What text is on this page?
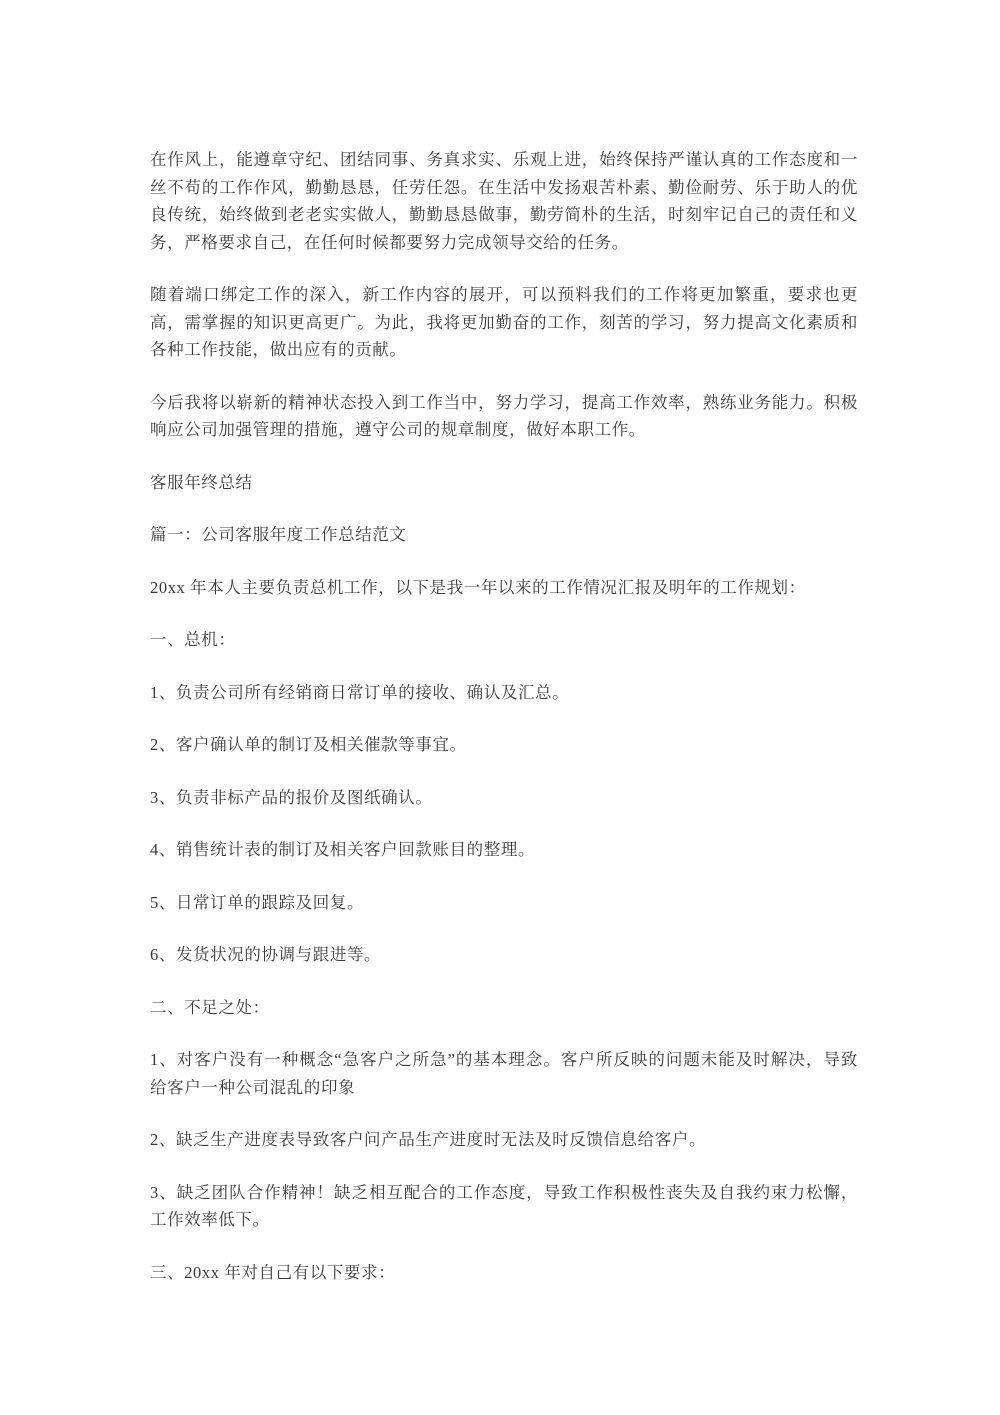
在作风上，能遵章守纪、团结同事、务真求实、乐观上进，始终保持严谨认真的工作态度和一丝不苟的工作作风，勤勤恳恳，任劳任怨。在生活中发扬艰苦朴素、勤俭耐劳、乐于助人的优良传统，始终做到老老实实做人，勤勤恳恳做事，勤劳简朴的生活，时刻牢记自己的责任和义务，严格要求自己，在任何时候都要努力完成领导交给的任务。

随着端口绑定工作的深入，新工作内容的展开，可以预料我们的工作将更加繁重，要求也更高，需掌握的知识更高更广。为此，我将更加勤奋的工作，刻苦的学习，努力提高文化素质和各种工作技能，做出应有的贡献。

今后我将以崭新的精神状态投入到工作当中，努力学习，提高工作效率，熟练业务能力。积极响应公司加强管理的措施，遵守公司的规章制度，做好本职工作。

客服年终总结

篇一：公司客服年度工作总结范文

20xx 年本人主要负责总机工作，以下是我一年以来的工作情况汇报及明年的工作规划：

一、总机：

1、负责公司所有经销商日常订单的接收、确认及汇总。

2、客户确认单的制订及相关催款等事宜。

3、负责非标产品的报价及图纸确认。

4、销售统计表的制订及相关客户回款账目的整理。

5、日常订单的跟踪及回复。

6、发货状况的协调与跟进等。

二、不足之处：

1、对客户没有一种概念“急客户之所急”的基本理念。客户所反映的问题未能及时解决，导致给客户一种公司混乱的印象

2、缺乏生产进度表导致客户问产品生产进度时无法及时反馈信息给客户。

3、缺乏团队合作精神！缺乏相互配合的工作态度，导致工作积极性丧失及自我约束力松懈，工作效率低下。

三、20xx 年对自己有以下要求：
